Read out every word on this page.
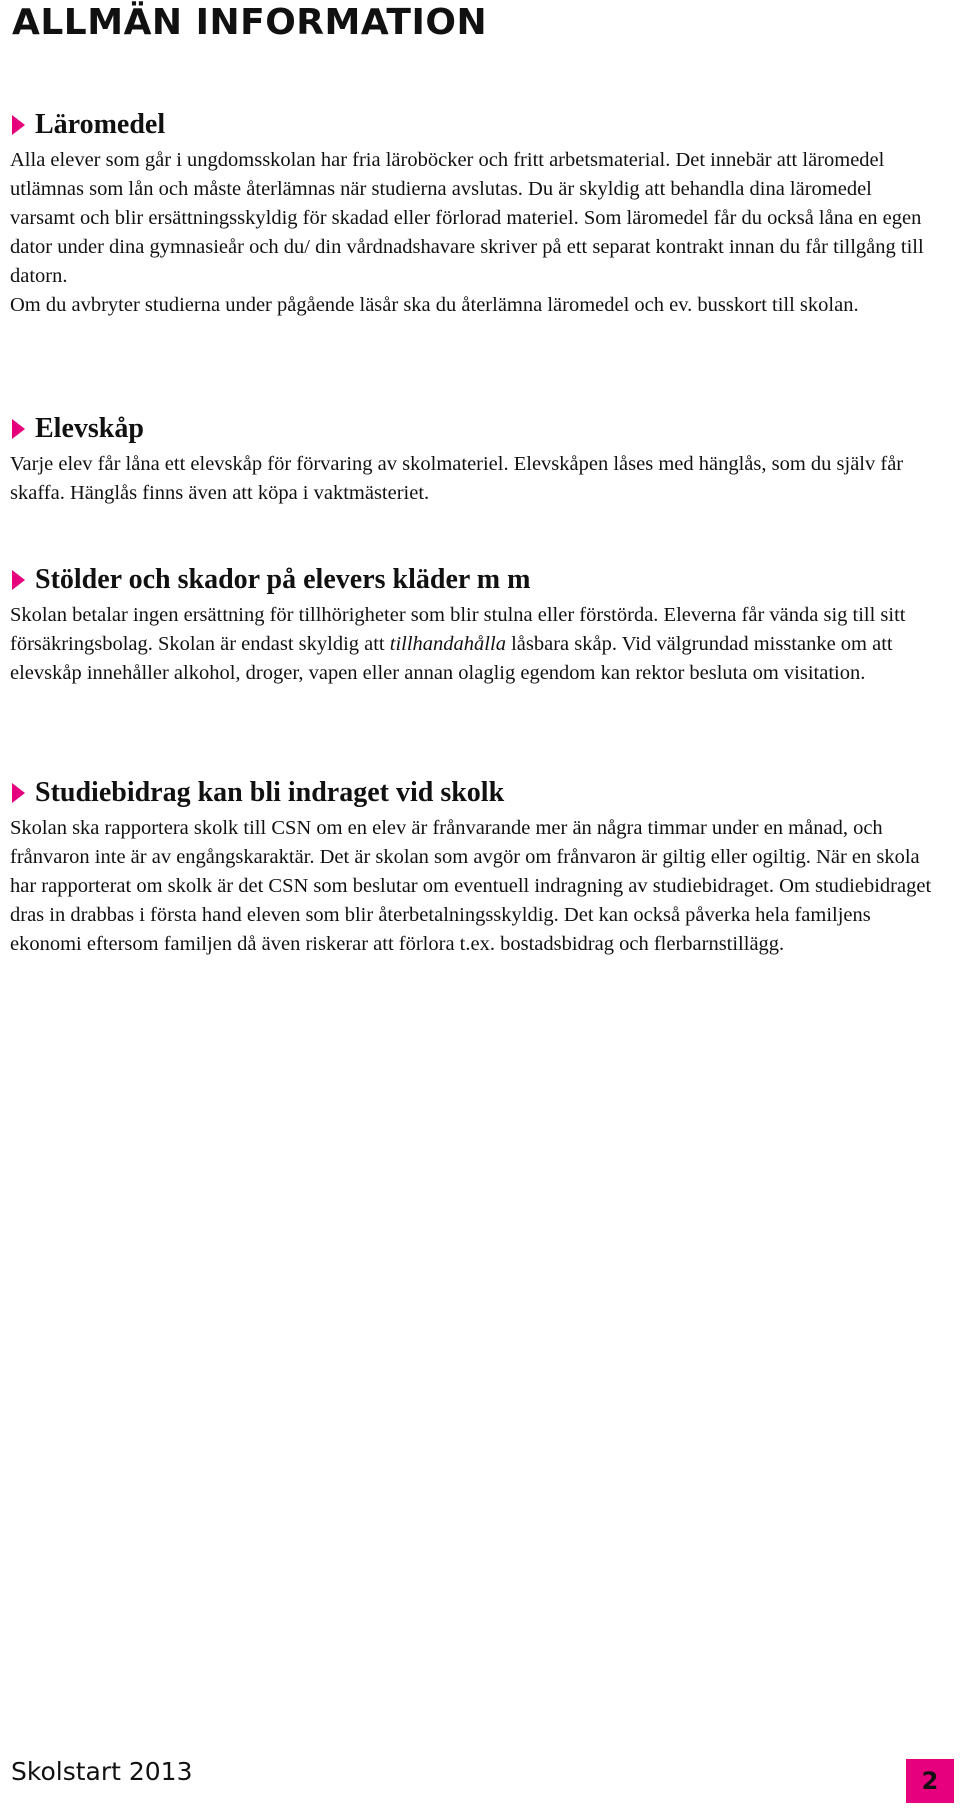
ALLMÄN INFORMATION
Läromedel

Alla elever som går i ungdomsskolan har fria läroböcker och fritt arbetsmaterial. Det innebär att läromedel utlämnas som lån och måste återlämnas när studierna avslutas. Du är skyldig att behandla dina läromedel varsamt och blir ersättningsskyldig för skadad eller förlorad materiel. Som läromedel får du också låna en egen dator under dina gymnasieår och du/ din vårdnadshavare skriver på ett separat kontrakt innan du får tillgång till datorn.

Om du avbryter studierna under pågående läsår ska du återlämna läromedel och ev. busskort till skolan.

Elevskåp

Varje elev får låna ett elevskåp för förvaring av skolmateriel. Elevskåpen låses med hänglås, som du själv får skaffa. Hänglås finns även att köpa i vaktmästeriet.

Stölder och skador på elevers kläder m m

Skolan betalar ingen ersättning för tillhörigheter som blir stulna eller förstörda. Eleverna får vända sig till sitt försäkringsbolag. Skolan är endast skyldig att tillhandahålla låsbara skåp. Vid välgrundad misstanke om att elevskåp innehåller alkohol, droger, vapen eller annan olaglig egendom kan rektor besluta om visitation.

Studiebidrag kan bli indraget vid skolk

Skolan ska rapportera skolk till CSN om en elev är frånvarande mer än några timmar under en månad, och frånvaron inte är av engångskaraktär. Det är skolan som avgör om frånvaron är giltig eller ogiltig. När en skola har rapporterat om skolk är det CSN som beslutar om eventuell indragning av studiebidraget. Om studiebidraget dras in drabbas i första hand eleven som blir återbetalningsskyldig. Det kan också påverka hela familjens ekonomi eftersom familjen då även riskerar att förlora t.ex. bostadsbidrag och flerbarnstillägg.

Skolstart 2013	2
